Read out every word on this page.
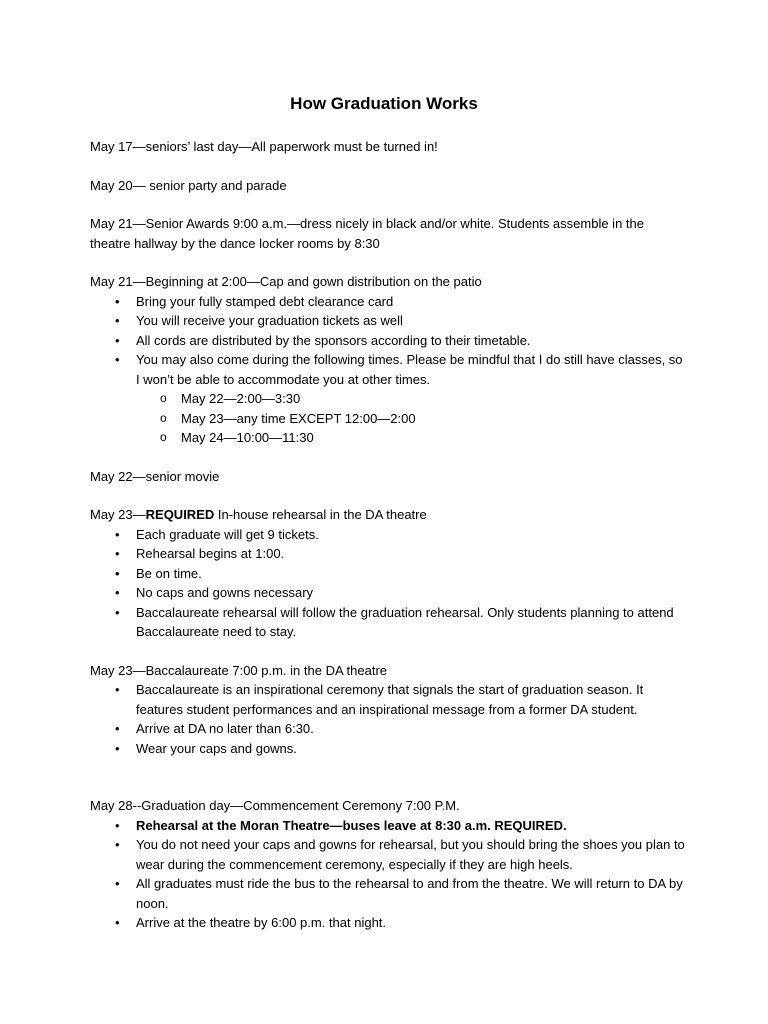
How Graduation Works

May 17—seniors’ last day—All paperwork must be turned in!

May 20— senior party and parade

May 21—Senior Awards 9:00 a.m.—dress nicely in black and/or white. Students assemble in the theatre hallway by the dance locker rooms by 8:30

May 21—Beginning at 2:00—Cap and gown distribution on the patio

• Bring your fully stamped debt clearance card
• You will receive your graduation tickets as well
• All cords are distributed by the sponsors according to their timetable.
• You may also come during the following times. Please be mindful that I do still have classes, so I won’t be able to accommodate you at other times.
o May 22—2:00—3:30
o May 23—any time EXCEPT 12:00—2:00
o May 24—10:00—11:30

May 22—senior movie

May 23—REQUIRED In-house rehearsal in the DA theatre

• Each graduate will get 9 tickets.
• Rehearsal begins at 1:00.
• Be on time.
• No caps and gowns necessary
• Baccalaureate rehearsal will follow the graduation rehearsal. Only students planning to attend Baccalaureate need to stay.

May 23—Baccalaureate 7:00 p.m. in the DA theatre

• Baccalaureate is an inspirational ceremony that signals the start of graduation season. It features student performances and an inspirational message from a former DA student.
• Arrive at DA no later than 6:30.
• Wear your caps and gowns.

May 28--Graduation day—Commencement Ceremony 7:00 P.M.

• Rehearsal at the Moran Theatre—buses leave at 8:30 a.m. REQUIRED.
• You do not need your caps and gowns for rehearsal, but you should bring the shoes you plan to wear during the commencement ceremony, especially if they are high heels.
• All graduates must ride the bus to the rehearsal to and from the theatre. We will return to DA by noon.
• Arrive at the theatre by 6:00 p.m. that night.
